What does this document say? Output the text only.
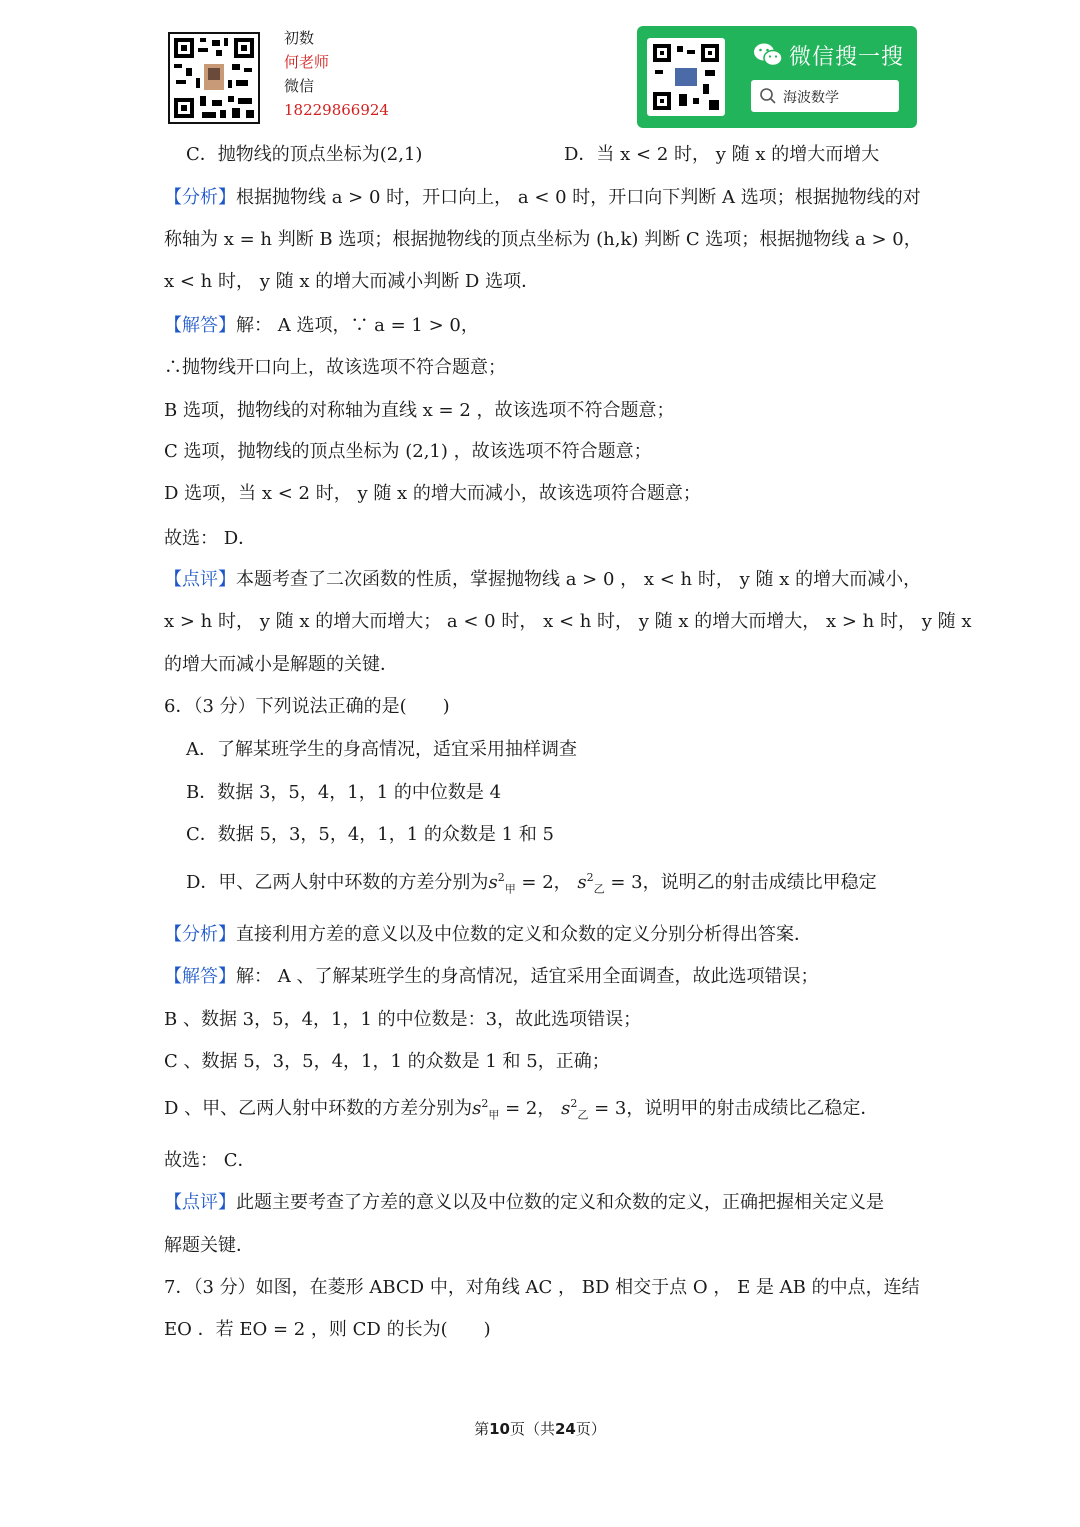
初数
何老师
微信
18229866924
微信搜一搜
海波数学
C．抛物线的顶点坐标为(2,1)	D．当 x < 2 时， y 随 x 的增大而增大
【分析】根据抛物线 a > 0 时，开口向上， a < 0 时，开口向下判断 A 选项；根据抛物线的对
称轴为 x = h 判断 B 选项；根据抛物线的顶点坐标为 (h,k) 判断 C 选项；根据抛物线 a > 0，
x < h 时， y 随 x 的增大而减小判断 D 选项．
【解答】解： A 选项，∵ a = 1 > 0，
∴抛物线开口向上，故该选项不符合题意；
B 选项，抛物线的对称轴为直线 x = 2 ，故该选项不符合题意；
C 选项，抛物线的顶点坐标为 (2,1) ，故该选项不符合题意；
D 选项，当 x < 2 时， y 随 x 的增大而减小，故该选项符合题意；
故选： D．
【点评】本题考查了二次函数的性质，掌握抛物线 a > 0 ， x < h 时， y 随 x 的增大而减小，
x > h 时， y 随 x 的增大而增大； a < 0 时， x < h 时， y 随 x 的增大而增大， x > h 时， y 随 x
的增大而减小是解题的关键．
6．（3 分）下列说法正确的是(　　)
A．了解某班学生的身高情况，适宜采用抽样调查
B．数据 3，5，4，1，1 的中位数是 4
C．数据 5，3，5，4，1，1 的众数是 1 和 5
D．甲、乙两人射中环数的方差分别为$s^2_甲 = 2$， $s^2_乙 = 3$，说明乙的射击成绩比甲稳定
【分析】直接利用方差的意义以及中位数的定义和众数的定义分别分析得出答案．
【解答】解： A 、了解某班学生的身高情况，适宜采用全面调查，故此选项错误；
B 、数据 3，5，4，1，1 的中位数是：3，故此选项错误；
C 、数据 5，3，5，4，1，1 的众数是 1 和 5，正确；
D 、甲、乙两人射中环数的方差分别为$s^2_甲 = 2$， $s^2_乙 = 3$，说明甲的射击成绩比乙稳定．
故选： C．
【点评】此题主要考查了方差的意义以及中位数的定义和众数的定义，正确把握相关定义是
解题关键．
7．（3 分）如图，在菱形 ABCD 中，对角线 AC ， BD 相交于点 O ， E 是 AB 的中点，连结
EO ．若 EO = 2 ，则 CD 的长为(　　)
第10页（共24页）
